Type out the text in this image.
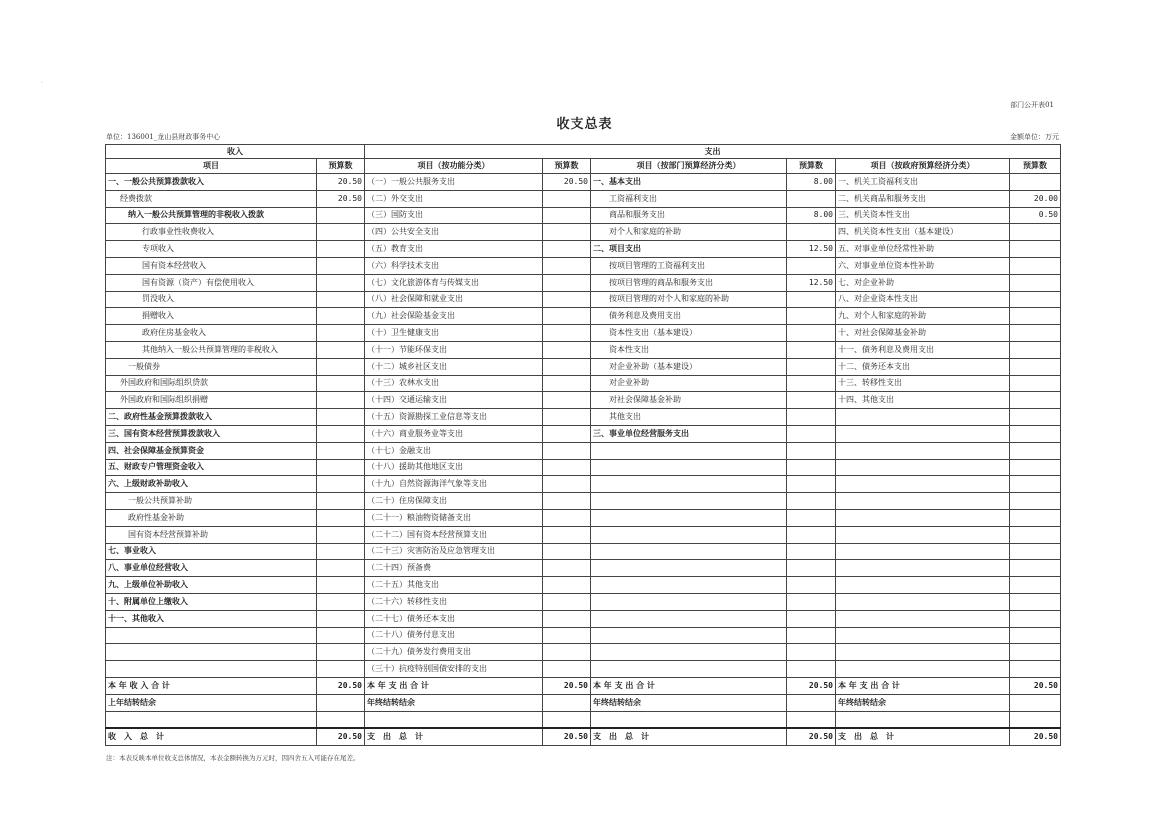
·
部门公开表01
收支总表
单位：136001_龙山县财政事务中心	金额单位：万元
收入		支出					
项目	预算数	项目（按功能分类）	预算数	项目（按部门预算经济分类）	预算数	项目（按政府预算经济分类）	预算数
一、一般公共预算拨款收入	20.50	（一）一般公共服务支出	20.50	一、基本支出	8.00	一、机关工资福利支出	
经费拨款	20.50	（二）外交支出		工资福利支出		二、机关商品和服务支出	20.00
纳入一般公共预算管理的非税收入拨款		（三）国防支出		商品和服务支出	8.00	三、机关资本性支出	0.50
行政事业性收费收入		（四）公共安全支出		对个人和家庭的补助		四、机关资本性支出（基本建设）	
专项收入		（五）教育支出		二、项目支出	12.50	五、对事业单位经常性补助	
国有资本经营收入		（六）科学技术支出		按项目管理的工资福利支出		六、对事业单位资本性补助	
国有资源（资产）有偿使用收入		（七）文化旅游体育与传媒支出		按项目管理的商品和服务支出	12.50	七、对企业补助	
罚没收入		（八）社会保障和就业支出		按项目管理的对个人和家庭的补助		八、对企业资本性支出	
捐赠收入		（九）社会保险基金支出		债务利息及费用支出		九、对个人和家庭的补助	
政府住房基金收入		（十）卫生健康支出		资本性支出（基本建设）		十、对社会保障基金补助	
其他纳入一般公共预算管理的非税收入		（十一）节能环保支出		资本性支出		十一、债务利息及费用支出	
一般债券		（十二）城乡社区支出		对企业补助（基本建设）		十二、债务还本支出	
外国政府和国际组织贷款		（十三）农林水支出		对企业补助		十三、转移性支出	
外国政府和国际组织捐赠		（十四）交通运输支出		对社会保障基金补助		十四、其他支出	
二、政府性基金预算拨款收入		（十五）资源勘探工业信息等支出		其他支出			
三、国有资本经营预算拨款收入		（十六）商业服务业等支出		三、事业单位经营服务支出			
四、社会保障基金预算资金		（十七）金融支出					
五、财政专户管理资金收入		（十八）援助其他地区支出					
六、上级财政补助收入		（十九）自然资源海洋气象等支出					
一般公共预算补助		（二十）住房保障支出					
政府性基金补助		（二十一）粮油物资储备支出					
国有资本经营预算补助		（二十二）国有资本经营预算支出					
七、事业收入		（二十三）灾害防治及应急管理支出					
八、事业单位经营收入		（二十四）预备费					
九、上级单位补助收入		（二十五）其他支出					
十、附属单位上缴收入		（二十六）转移性支出					
十一、其他收入		（二十七）债务还本支出					
		（二十八）债务付息支出					
		（二十九）债务发行费用支出					
		（三十）抗疫特别国债安排的支出					
本 年 收 入 合 计	20.50	本 年 支 出 合 计	20.50	本 年 支 出 合 计	20.50	本 年 支 出 合 计	20.50
上年结转结余		年终结转结余		年终结转结余		年终结转结余	

收　入　总　计	20.50	支　出　总　计	20.50	支　出　总　计	20.50	支　出　总　计	20.50
注：本表反映本单位收支总体情况，本表金额转换为万元时，因四舍五入可能存在尾差。
